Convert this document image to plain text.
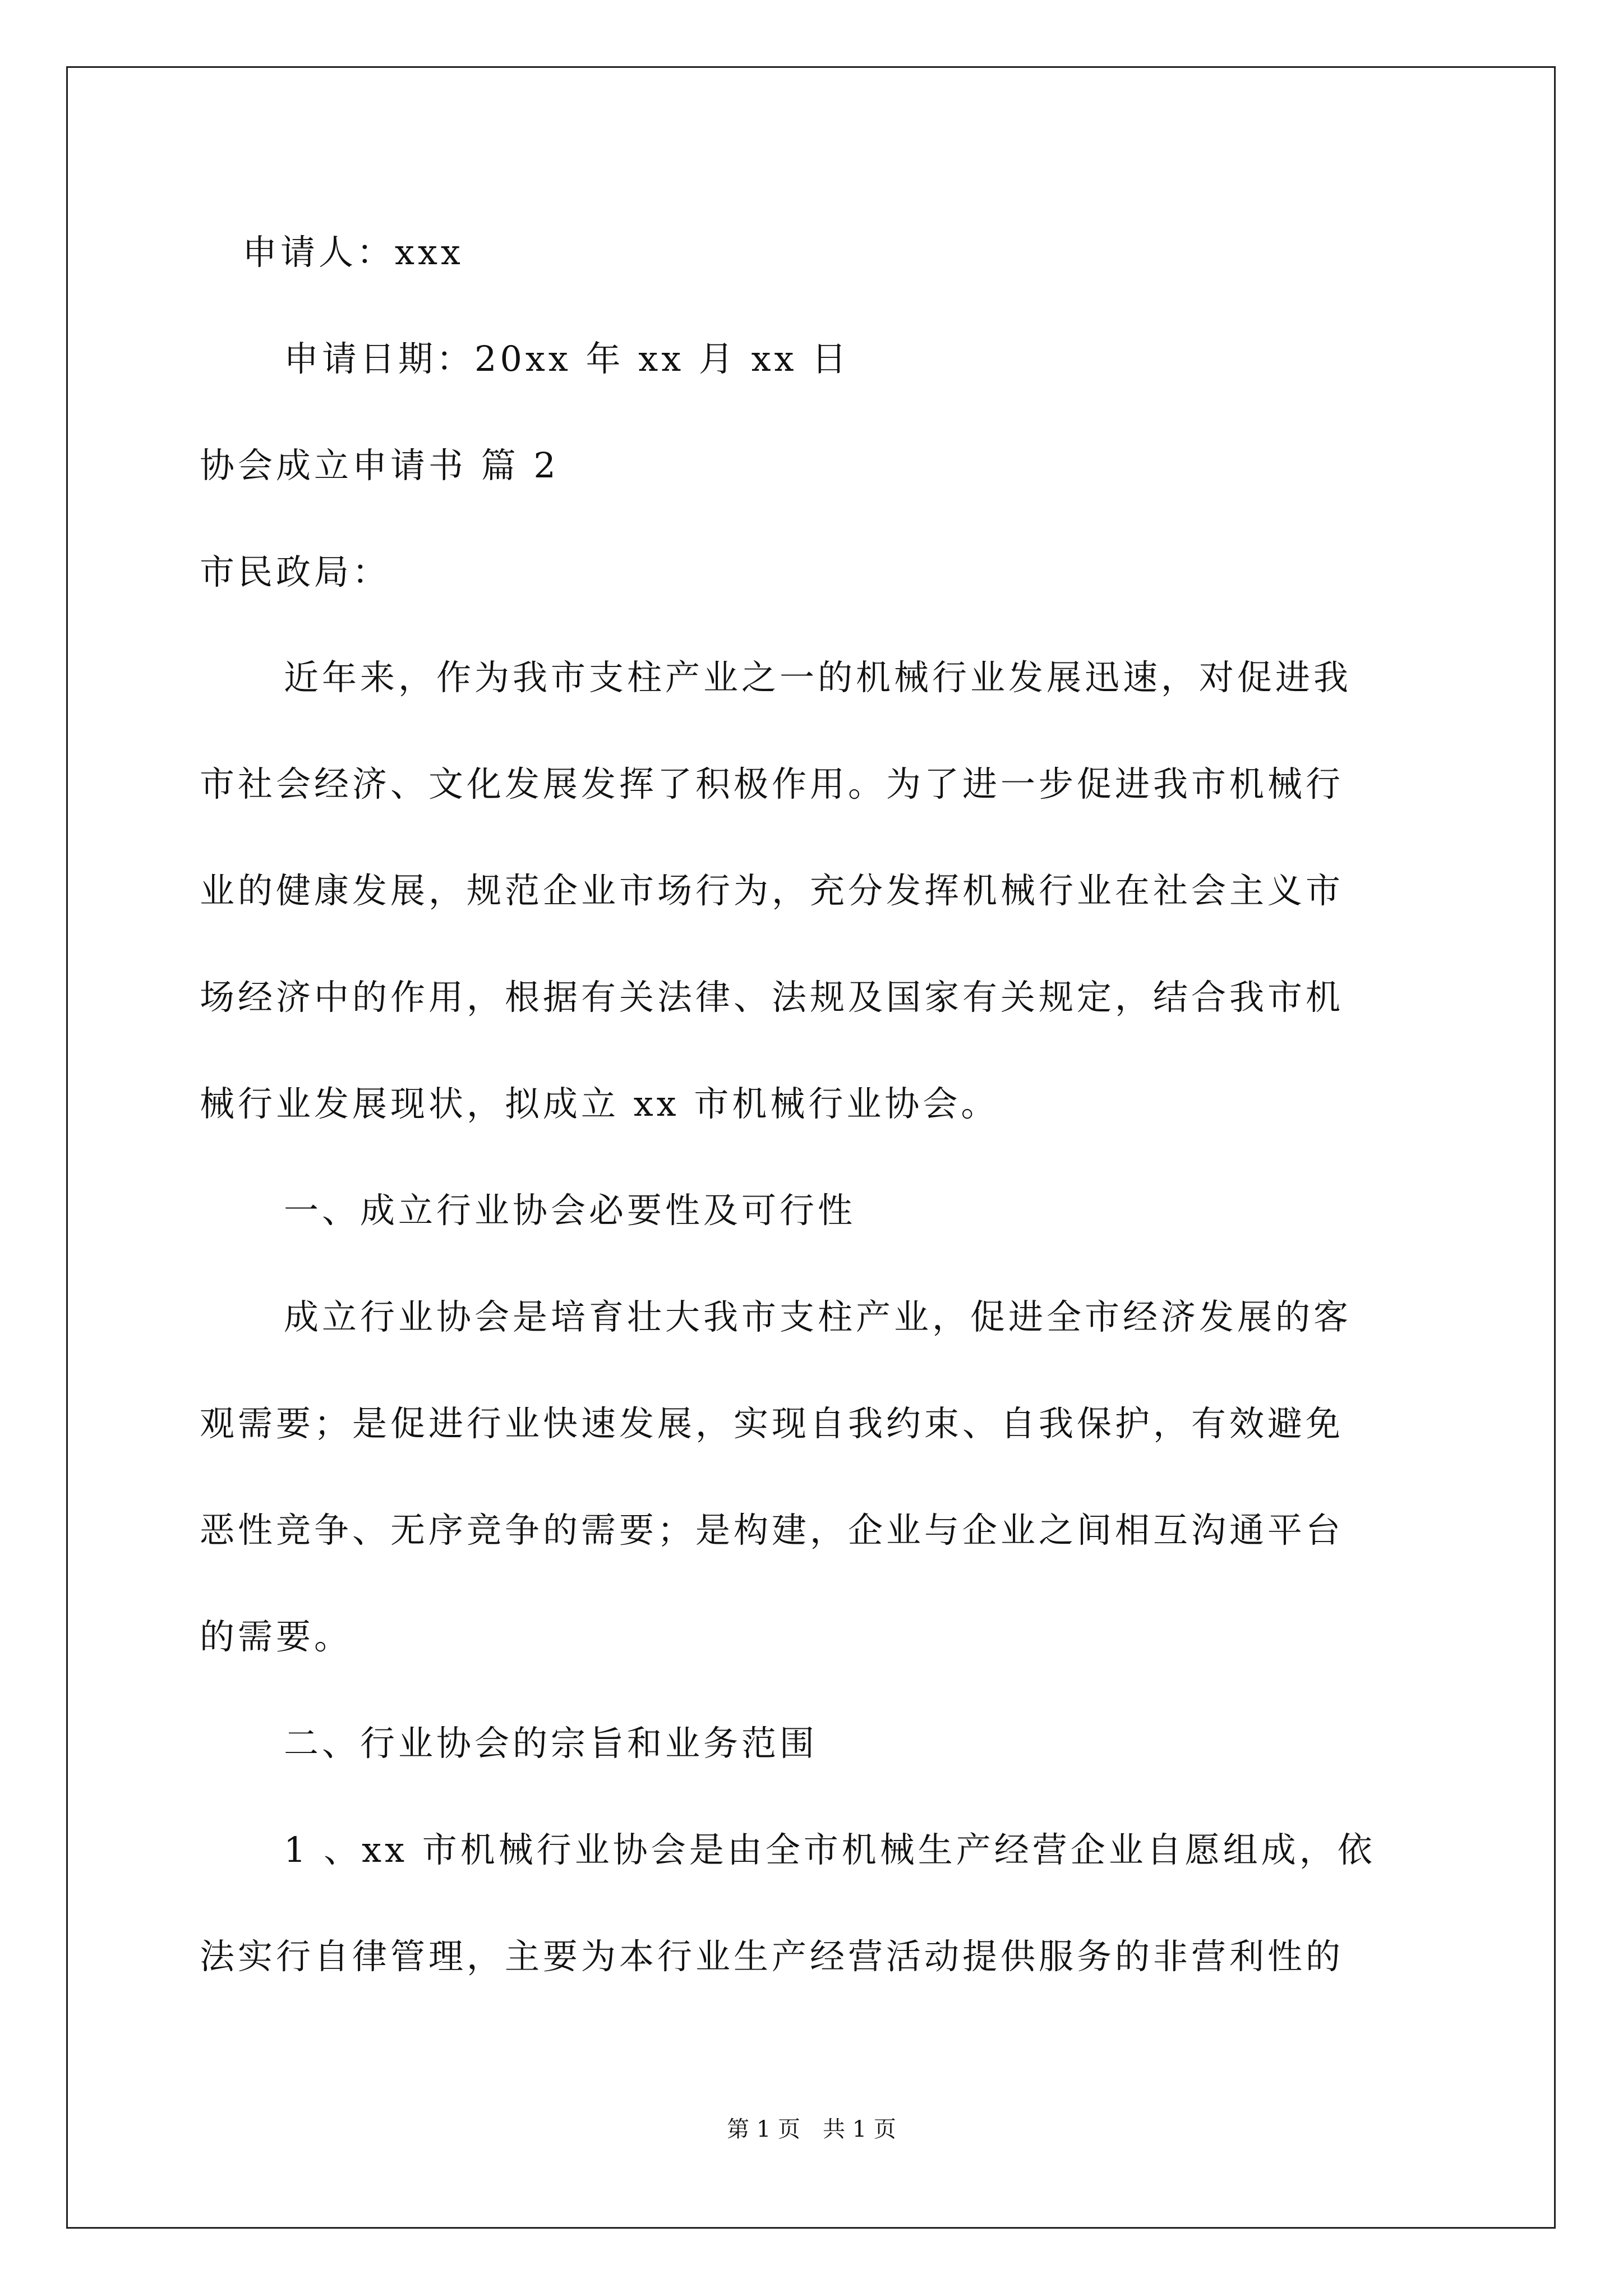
申请人：xxx
申请日期：20xx 年 xx 月 xx 日
协会成立申请书 篇 2
市民政局：
近年来，作为我市支柱产业之一的机械行业发展迅速，对促进我
市社会经济、文化发展发挥了积极作用。为了进一步促进我市机械行
业的健康发展，规范企业市场行为，充分发挥机械行业在社会主义市
场经济中的作用，根据有关法律、法规及国家有关规定，结合我市机
械行业发展现状，拟成立 xx 市机械行业协会。
一、成立行业协会必要性及可行性
成立行业协会是培育壮大我市支柱产业，促进全市经济发展的客
观需要；是促进行业快速发展，实现自我约束、自我保护，有效避免
恶性竞争、无序竞争的需要；是构建，企业与企业之间相互沟通平台
的需要。
二、行业协会的宗旨和业务范围
1 、xx 市机械行业协会是由全市机械生产经营企业自愿组成，依
法实行自律管理，主要为本行业生产经营活动提供服务的非营利性的
第 1 页　共 1 页
